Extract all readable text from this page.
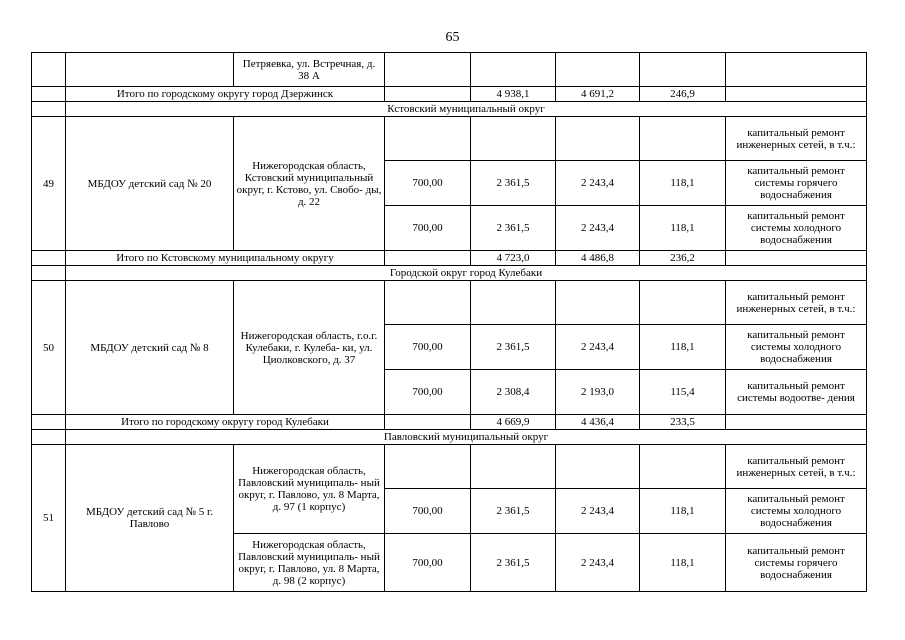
65
		Петряевка, ул. Встречная, д. 38 А					
	Итого по городскому округу город Дзержинск			4 938,1	4 691,2	246,9	
	Кстовский муниципальный округ						
49	МБДОУ детский сад № 20	Нижегородская область, Кстовский муниципальный округ, г. Кстово, ул. Свобо- ды, д. 22					капитальный ремонт инженерных сетей, в т.ч.:
			700,00	2 361,5	2 243,4	118,1	капитальный ремонт системы горячего водоснабжения
			700,00	2 361,5	2 243,4	118,1	капитальный ремонт системы холодного водоснабжения
	Итого по Кстовскому муниципальному округу			4 723,0	4 486,8	236,2	
	Городской округ город Кулебаки						
50	МБДОУ детский сад № 8	Нижегородская область, г.о.г. Кулебаки, г. Кулеба- ки, ул. Циолковского, д. 37					капитальный ремонт инженерных сетей, в т.ч.:
			700,00	2 361,5	2 243,4	118,1	капитальный ремонт системы холодного водоснабжения
			700,00	2 308,4	2 193,0	115,4	капитальный ремонт системы водоотве- дения
	Итого по городскому округу город Кулебаки			4 669,9	4 436,4	233,5	
	Павловский муниципальный округ						
51	МБДОУ детский сад № 5 г. Павлово	Нижегородская область, Павловский муниципаль- ный округ, г. Павлово, ул. 8 Марта, д. 97 (1 корпус)					капитальный ремонт инженерных сетей, в т.ч.:
			700,00	2 361,5	2 243,4	118,1	капитальный ремонт системы холодного водоснабжения
		Нижегородская область, Павловский муниципаль- ный округ, г. Павлово, ул. 8 Марта, д. 98 (2 корпус)	700,00	2 361,5	2 243,4	118,1	капитальный ремонт системы горячего водоснабжения
